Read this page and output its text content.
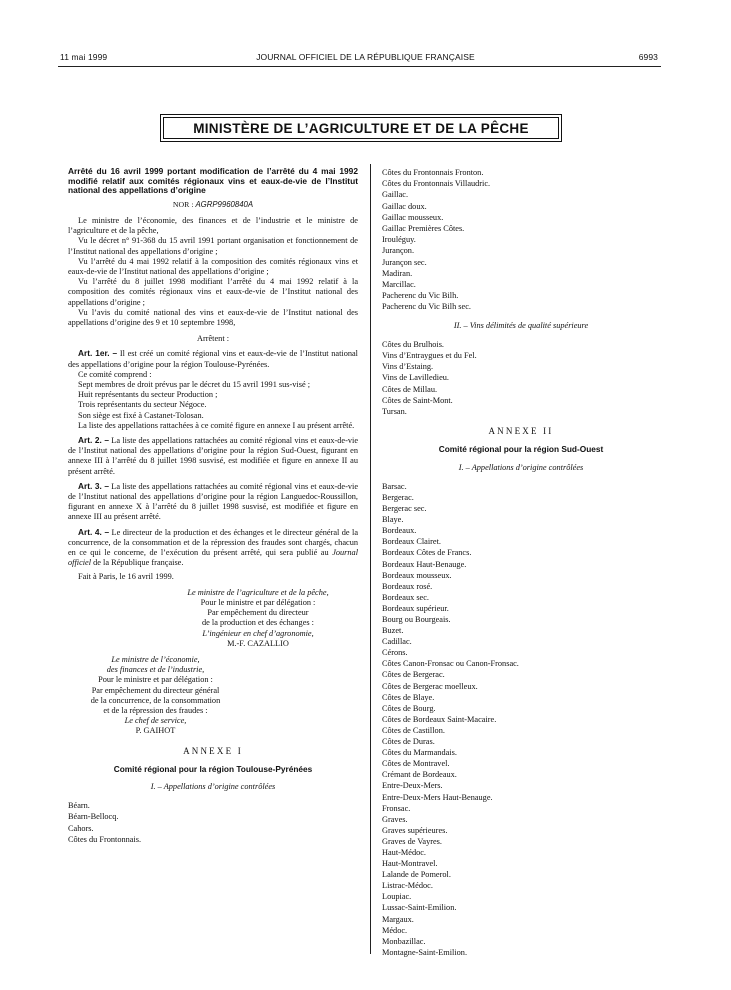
11 mai 1999	JOURNAL OFFICIEL DE LA RÉPUBLIQUE FRANÇAISE	6993
MINISTÈRE DE L’AGRICULTURE ET DE LA PÊCHE
Arrêté du 16 avril 1999 portant modification de l’arrêté du 4 mai 1992 modifié relatif aux comités régionaux vins et eaux-de-vie de l’Institut national des appellations d’origine
NOR : AGRP9960840A

Le ministre de l’économie, des finances et de l’industrie et le ministre de l’agriculture et de la pêche,

Vu le décret n° 91-368 du 15 avril 1991 portant organisation et fonctionnement de l’Institut national des appellations d’origine ;

Vu l’arrêté du 4 mai 1992 relatif à la composition des comités régionaux vins et eaux-de-vie de l’Institut national des appellations d’origine ;

Vu l’arrêté du 8 juillet 1998 modifiant l’arrêté du 4 mai 1992 relatif à la composition des comités régionaux vins et eaux-de-vie de l’Institut national des appellations d’origine ;

Vu l’avis du comité national des vins et eaux-de-vie de l’Institut national des appellations d’origine des 9 et 10 septembre 1998,

Arrêtent :

Art. 1er. – Il est créé un comité régional vins et eaux-de-vie de l’Institut national des appellations d’origine pour la région Toulouse-Pyrénées.

Ce comité comprend :

Sept membres de droit prévus par le décret du 15 avril 1991 sus-visé ;

Huit représentants du secteur Production ;

Trois représentants du secteur Négoce.

Son siège est fixé à Castanet-Tolosan.

La liste des appellations rattachées à ce comité figure en annexe I au présent arrêté.

Art. 2. – La liste des appellations rattachées au comité régional vins et eaux-de-vie de l’Institut national des appellations d’origine pour la région Sud-Ouest, figurant en annexe III à l’arrêté du 8 juillet 1998 susvisé, est modifiée et figure en annexe II au présent arrêté.

Art. 3. – La liste des appellations rattachées au comité régional vins et eaux-de-vie de l’Institut national des appellations d’origine pour la région Languedoc-Roussillon, figurant en annexe X à l’arrêté du 8 juillet 1998 susvisé, est modifiée et figure en annexe III au présent arrêté.

Art. 4. – Le directeur de la production et des échanges et le directeur général de la concurrence, de la consommation et de la répression des fraudes sont chargés, chacun en ce qui le concerne, de l’exécution du présent arrêté, qui sera publié au Journal officiel de la République française.

Fait à Paris, le 16 avril 1999.

Le ministre de l’agriculture et de la pêche,

Pour le ministre et par délégation :

Par empêchement du directeur

de la production et des échanges :

L’ingénieur en chef d’agronomie,

M.-F. CAZALLIO

Le ministre de l’économie,

des finances et de l’industrie,

Pour le ministre et par délégation :

Par empêchement du directeur général

de la concurrence, de la consommation

et de la répression des fraudes :

Le chef de service,

P. GAIHOT

ANNEXE I
Comité régional pour la région Toulouse-Pyrénées
I. – Appellations d’origine contrôlées
Béarn.
Béarn-Bellocq.
Cahors.
Côtes du Frontonnais.
Côtes du Frontonnais Fronton.
Côtes du Frontonnais Villaudric.
Gaillac.
Gaillac doux.
Gaillac mousseux.
Gaillac Premières Côtes.
Irouléguy.
Jurançon.
Jurançon sec.
Madiran.
Marcillac.
Pacherenc du Vic Bilh.
Pacherenc du Vic Bilh sec.
II. – Vins délimités de qualité supérieure
Côtes du Brulhois.
Vins d’Entraygues et du Fel.
Vins d’Estaing.
Vins de Lavilledieu.
Côtes de Millau.
Côtes de Saint-Mont.
Tursan.
ANNEXE II
Comité régional pour la région Sud-Ouest
I. – Appellations d’origine contrôlées
Barsac.
Bergerac.
Bergerac sec.
Blaye.
Bordeaux.
Bordeaux Clairet.
Bordeaux Côtes de Francs.
Bordeaux Haut-Benauge.
Bordeaux mousseux.
Bordeaux rosé.
Bordeaux sec.
Bordeaux supérieur.
Bourg ou Bourgeais.
Buzet.
Cadillac.
Cérons.
Côtes Canon-Fronsac ou Canon-Fronsac.
Côtes de Bergerac.
Côtes de Bergerac moelleux.
Côtes de Blaye.
Côtes de Bourg.
Côtes de Bordeaux Saint-Macaire.
Côtes de Castillon.
Côtes de Duras.
Côtes du Marmandais.
Côtes de Montravel.
Crémant de Bordeaux.
Entre-Deux-Mers.
Entre-Deux-Mers Haut-Benauge.
Fronsac.
Graves.
Graves supérieures.
Graves de Vayres.
Haut-Médoc.
Haut-Montravel.
Lalande de Pomerol.
Listrac-Médoc.
Loupiac.
Lussac-Saint-Emilion.
Margaux.
Médoc.
Monbazillac.
Montagne-Saint-Emilion.
